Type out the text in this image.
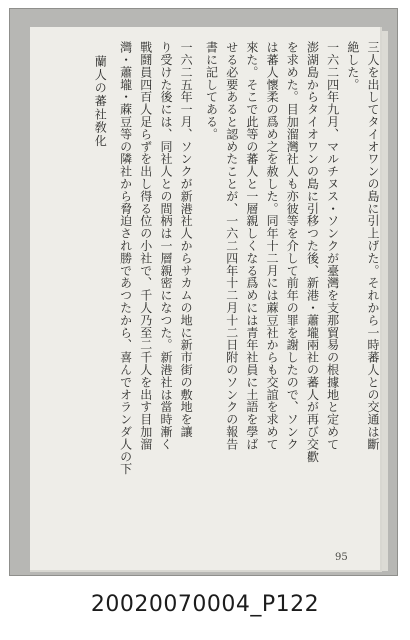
三人を出してタイオワンの島に引上げた。それから一時蕃人との交通は斷
絶した。
一六二四年九月、マルチヌス・ソンクが臺灣を支那貿易の根據地と定めて
澎湖島からタイオワンの島に引移つた後、新港・蕭壠兩社の蕃人が再び交歡
を求めた。目加溜灣社人も亦彼等を介して前年の罪を謝したので、ソンク
は蕃人懷柔の爲め之を赦した。同年十二月には蔴豆社からも交誼を求めて
來た。そこで此等の蕃人と一層親しくなる爲めには青年社員に土語を學ば
せる必要あると認めたことが、一六二四年十二月十二日附のソンクの報告
書に記してある。
一六二五年一月、ソンクが新港社人からサカムの地に新市街の敷地を讓
り受けた後には、同社人との間柄は一層親密になつた。新港社は當時漸く
戰鬪員四百人足らずを出し得る位の小社で、千人乃至二千人を出す目加溜
灣・蕭壠・蔴豆等の隣社から脅迫され勝であつたから、喜んでオランダ人の下
蘭人の蕃社敎化
95
20020070004_P122
